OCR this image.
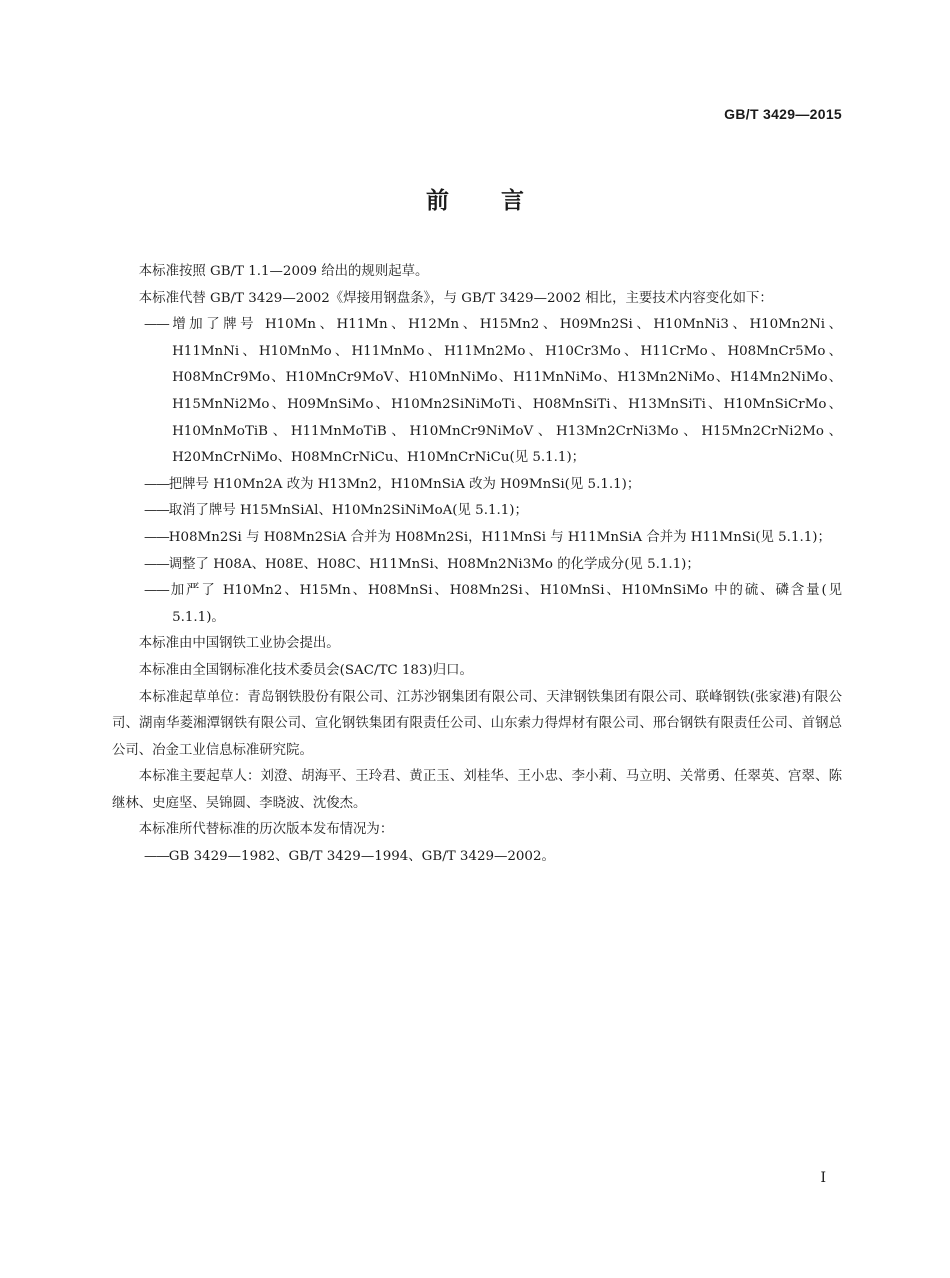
GB/T 3429—2015
前言

本标准按照 GB/T 1.1—2009 给出的规则起草。

本标准代替 GB/T 3429—2002《焊接用钢盘条》，与 GB/T 3429—2002 相比，主要技术内容变化如下：

——增加了牌号 H10Mn、H11Mn、H12Mn、H15Mn2、H09Mn2Si、H10MnNi3、H10Mn2Ni、H11MnNi、H10MnMo、H11MnMo、H11Mn2Mo、H10Cr3Mo、H11CrMo、H08MnCr5Mo、H08MnCr9Mo、H10MnCr9MoV、H10MnNiMo、H11MnNiMo、H13Mn2NiMo、H14Mn2NiMo、H15MnNi2Mo、H09MnSiMo、H10Mn2SiNiMoTi、H08MnSiTi、H13MnSiTi、H10MnSiCrMo、H10MnMoTiB、H11MnMoTiB、H10MnCr9NiMoV、H13Mn2CrNi3Mo、H15Mn2CrNi2Mo、H20MnCrNiMo、H08MnCrNiCu、H10MnCrNiCu(见 5.1.1)；

——把牌号 H10Mn2A 改为 H13Mn2，H10MnSiA 改为 H09MnSi(见 5.1.1)；

——取消了牌号 H15MnSiAl、H10Mn2SiNiMoA(见 5.1.1)；

——H08Mn2Si 与 H08Mn2SiA 合并为 H08Mn2Si，H11MnSi 与 H11MnSiA 合并为 H11MnSi(见 5.1.1)；

——调整了 H08A、H08E、H08C、H11MnSi、H08Mn2Ni3Mo 的化学成分(见 5.1.1)；

——加严了 H10Mn2、H15Mn、H08MnSi、H08Mn2Si、H10MnSi、H10MnSiMo 中的硫、磷含量(见 5.1.1)。

本标准由中国钢铁工业协会提出。

本标准由全国钢标准化技术委员会(SAC/TC 183)归口。

本标准起草单位：青岛钢铁股份有限公司、江苏沙钢集团有限公司、天津钢铁集团有限公司、联峰钢铁(张家港)有限公司、湖南华菱湘潭钢铁有限公司、宣化钢铁集团有限责任公司、山东索力得焊材有限公司、邢台钢铁有限责任公司、首钢总公司、冶金工业信息标准研究院。

本标准主要起草人：刘澄、胡海平、王玲君、黄正玉、刘桂华、王小忠、李小莉、马立明、关常勇、任翠英、宫翠、陈继林、史庭坚、吴锦圆、李晓波、沈俊杰。

本标准所代替标准的历次版本发布情况为：

——GB 3429—1982、GB/T 3429—1994、GB/T 3429—2002。

I
